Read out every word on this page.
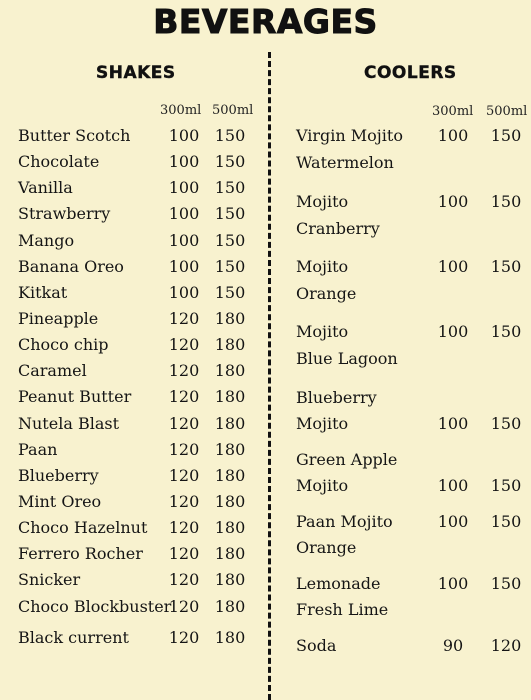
BEVERAGES
SHAKES
300ml 500ml
COOLERS
300ml 500ml
Butter Scotch 100 150
Chocolate	100 150
Vanilla	100 150
Strawberry	100 150
Mango	100 150
Banana Oreo	100 150
Kitkat	100 150
Pineapple	120 180
Choco chip	120 180
Caramel	120 180
Peanut Butter 120 180
Nutela Blast	120 180
Paan	120 180
Blueberry	120 180
Mint Oreo	120 180
Choco Hazelnut 120 180
Ferrero Rocher 120 180
Snicker	120 180
Choco Blockbuster
120 180
Black current 120 180
Virgin Mojito
Watermelon
100 150
Mojito
Cranberry
100 150
Mojito
Orange
100 150
Mojito
Blue Lagoon
100 150
Blueberry
Mojito	100 150
Green Apple
Mojito	100 150
Paan Mojito
Orange
100 150
Lemonade
Fresh Lime
100 150
Soda	90	120
